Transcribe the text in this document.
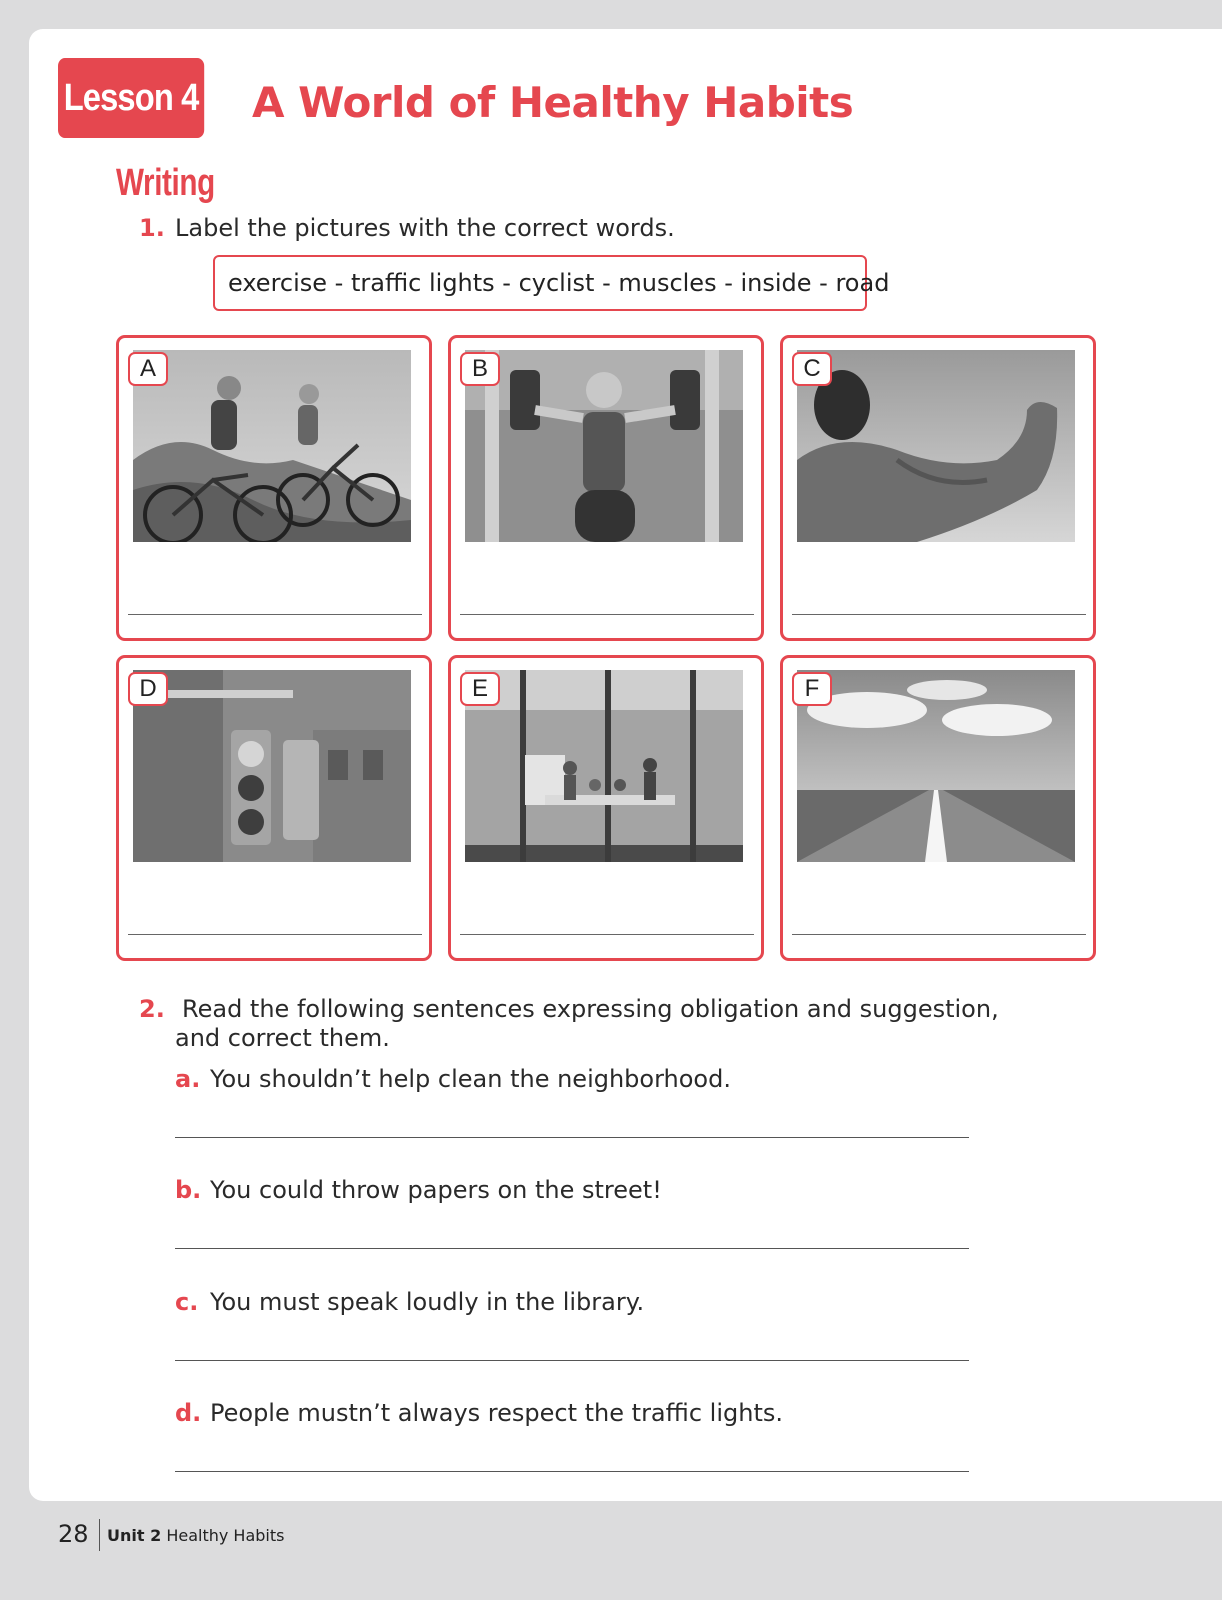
Lesson 4 A World of Healthy Habits
Writing
1. Label the pictures with the correct words.
exercise - traffic lights - cyclist - muscles - inside - road
A	B	C
D	E	F
2. Read the following sentences expressing obligation and suggestion,
and correct them.
a. You shouldn’t help clean the neighborhood.
b. You could throw papers on the street!
c. You must speak loudly in the library.
d. People mustn’t always respect the traffic lights.
28 Unit 2 Healthy Habits
